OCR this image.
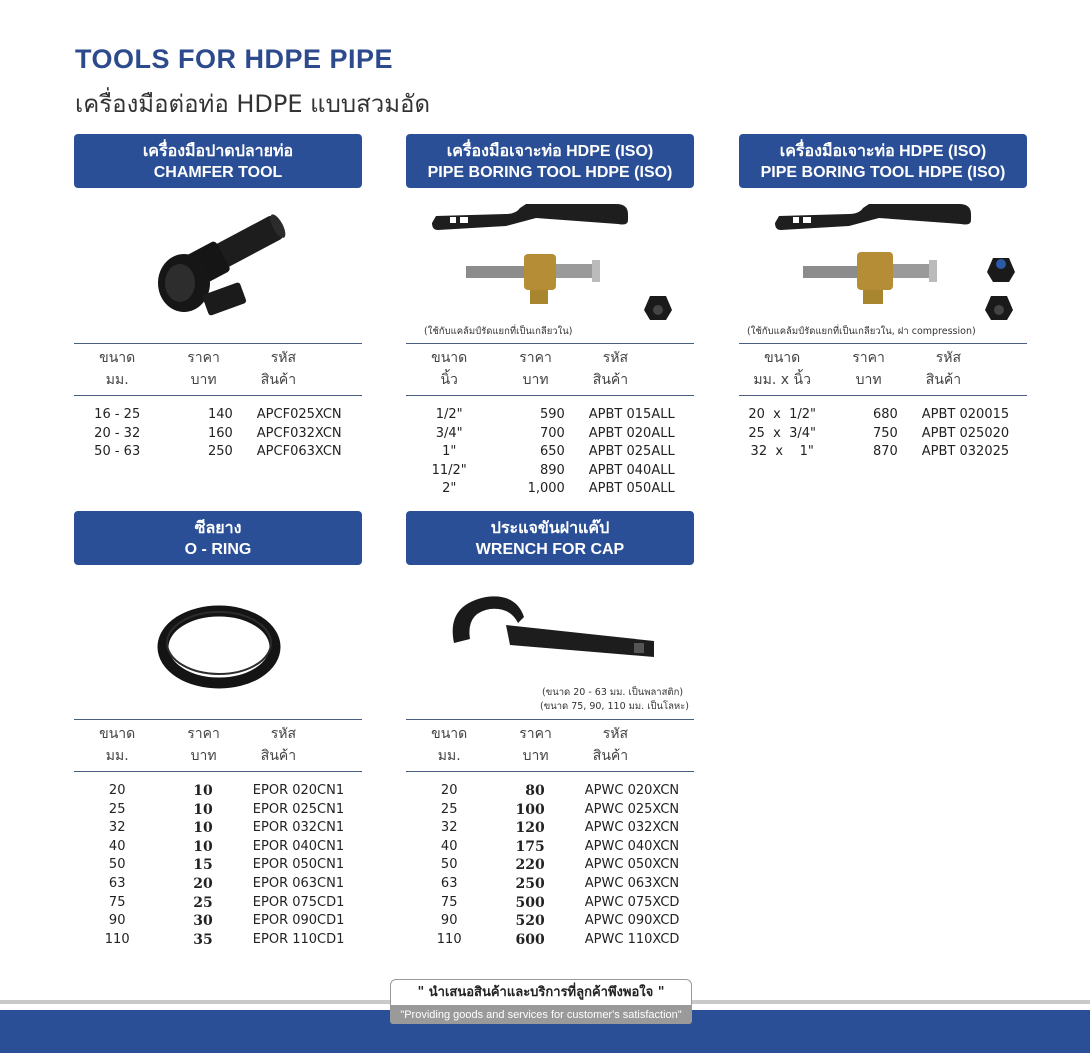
TOOLS FOR HDPE PIPE
เครื่องมือต่อท่อ HDPE แบบสวมอัด
เครื่องมือปาดปลายท่อ
CHAMFER TOOL
ขนาด	ราคา	รหัส
มม.	บาท	สินค้า
16 - 25	140	APCF025XCN
20 - 32	160	APCF032XCN
50 - 63	250	APCF063XCN
เครื่องมือเจาะท่อ HDPE (ISO)
PIPE BORING TOOL HDPE (ISO)
(ใช้กับแคล้มป์รัดแยกที่เป็นเกลียวใน)
ขนาด	ราคา	รหัส
นิ้ว	บาท	สินค้า
1/2"	590	APBT 015ALL
3/4"	700	APBT 020ALL
1"	650	APBT 025ALL
11/2"	890	APBT 040ALL
2"	1,000	APBT 050ALL
เครื่องมือเจาะท่อ HDPE (ISO)
PIPE BORING TOOL HDPE (ISO)
(ใช้กับแคล้มป์รัดแยกที่เป็นเกลียวใน, ฝา compression)
ขนาด	ราคา	รหัส
มม. x นิ้ว	บาท	สินค้า
20  x  1/2"	680	APBT 020015
25  x  3/4"	750	APBT 025020
32  x    1"	870	APBT 032025
ซีลยาง
O - RING
ขนาด	ราคา	รหัส
มม.	บาท	สินค้า
20	10	EPOR 020CN1
25	10	EPOR 025CN1
32	10	EPOR 032CN1
40	10	EPOR 040CN1
50	15	EPOR 050CN1
63	20	EPOR 063CN1
75	25	EPOR 075CD1
90	30	EPOR 090CD1
110	35	EPOR 110CD1
ประแจขันฝาแค๊ป
WRENCH FOR CAP
(ขนาด 20 - 63 มม. เป็นพลาสติก)
(ขนาด 75, 90, 110 มม. เป็นโลหะ)
ขนาด	ราคา	รหัส
มม.	บาท	สินค้า
20	80	APWC 020XCN
25	100	APWC 025XCN
32	120	APWC 032XCN
40	175	APWC 040XCN
50	220	APWC 050XCN
63	250	APWC 063XCN
75	500	APWC 075XCD
90	520	APWC 090XCD
110	600	APWC 110XCD
" นำเสนอสินค้าและบริการที่ลูกค้าพึงพอใจ "
"Providing goods and services for customer's satisfaction"
